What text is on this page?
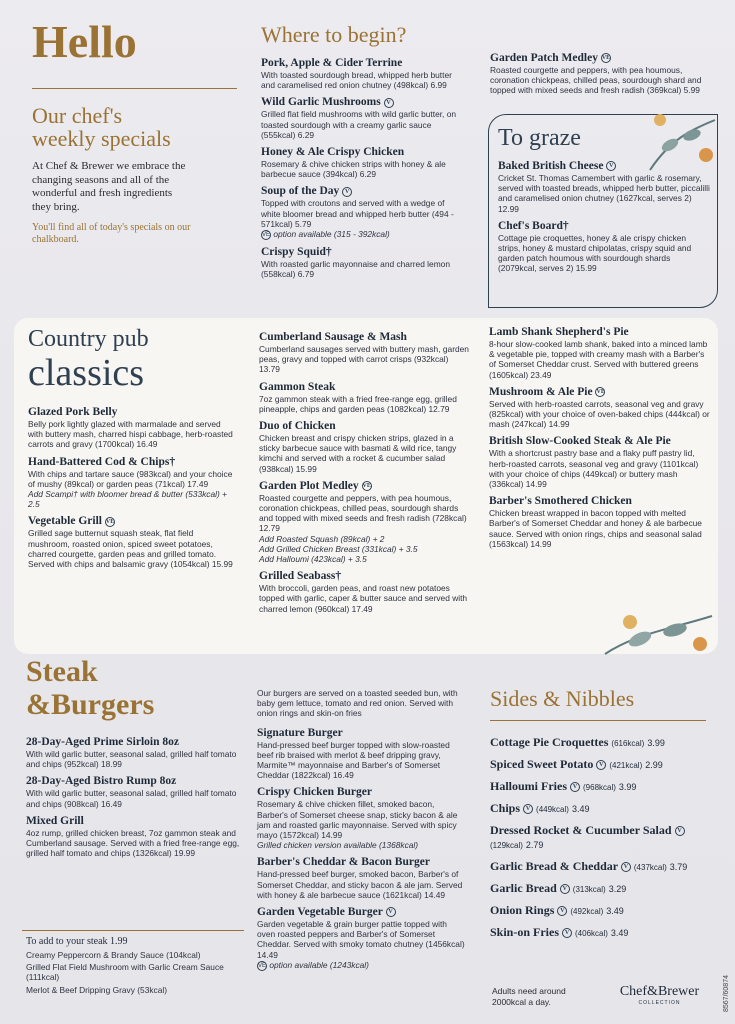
Hello
Our chef's
weekly specials

At Chef & Brewer we embrace the changing seasons and all of the wonderful and fresh ingredients they bring.

You'll find all of today's specials on our chalkboard.

Where to begin?

Pork, Apple & Cider Terrine

With toasted sourdough bread, whipped herb butter and caramelised red onion chutney (498kcal) 6.99

Wild Garlic Mushrooms V

Grilled flat field mushrooms with wild garlic butter, on toasted sourdough with a creamy garlic sauce (555kcal) 6.29

Honey & Ale Crispy Chicken

Rosemary & chive chicken strips with honey & ale barbecue sauce (394kcal) 6.29

Soup of the Day V

Topped with croutons and served with a wedge of white bloomer bread and whipped herb butter (494 - 571kcal) 5.79

VE option available (315 - 392kcal)

Crispy Squid†

With roasted garlic mayonnaise and charred lemon (558kcal) 6.79

Garden Patch Medley VE

Roasted courgette and peppers, with pea houmous, coronation chickpeas, chilled peas, sourdough shard and topped with mixed seeds and fresh radish (369kcal) 5.99

To graze

Baked British Cheese V

Cricket St. Thomas Camembert with garlic & rosemary, served with toasted breads, whipped herb butter, piccalilli and caramelised onion chutney (1627kcal, serves 2) 12.99

Chef's Board†

Cottage pie croquettes, honey & ale crispy chicken strips, honey & mustard chipolatas, crispy squid and garden patch houmous with sourdough shards (2079kcal, serves 2) 15.99

Country pub
classics

Glazed Pork Belly

Belly pork lightly glazed with marmalade and served with buttery mash, charred hispi cabbage, herb-roasted carrots and gravy (1700kcal) 16.49

Hand-Battered Cod & Chips†

With chips and tartare sauce (983kcal) and your choice of mushy (89kcal) or garden peas (71kcal) 17.49

Add Scampi† with bloomer bread & butter (533kcal) + 2.5

Vegetable Grill VE

Grilled sage butternut squash steak, flat field mushroom, roasted onion, spiced sweet potatoes, charred courgette, garden peas and grilled tomato. Served with chips and balsamic gravy (1054kcal) 15.99

Cumberland Sausage & Mash

Cumberland sausages served with buttery mash, garden peas, gravy and topped with carrot crisps (932kcal) 13.79

Gammon Steak

7oz gammon steak with a fried free-range egg, grilled pineapple, chips and garden peas (1082kcal) 12.79

Duo of Chicken

Chicken breast and crispy chicken strips, glazed in a sticky barbecue sauce with basmati & wild rice, tangy kimchi and served with a rocket & cucumber salad (938kcal) 15.99

Garden Plot Medley VE

Roasted courgette and peppers, with pea houmous, coronation chickpeas, chilled peas, sourdough shards and topped with mixed seeds and fresh radish (728kcal) 12.79

Add Roasted Squash (89kcal) + 2

Add Grilled Chicken Breast (331kcal) + 3.5

Add Halloumi (423kcal) + 3.5

Grilled Seabass†

With broccoli, garden peas, and roast new potatoes topped with garlic, caper & butter sauce and served with charred lemon (960kcal) 17.49

Lamb Shank Shepherd's Pie

8-hour slow-cooked lamb shank, baked into a minced lamb & vegetable pie, topped with creamy mash with a Barber's of Somerset Cheddar crust. Served with buttered greens (1605kcal) 23.49

Mushroom & Ale Pie VE

Served with herb-roasted carrots, seasonal veg and gravy (825kcal) with your choice of oven-baked chips (444kcal) or mash (247kcal) 14.99

British Slow-Cooked Steak & Ale Pie

With a shortcrust pastry base and a flaky puff pastry lid, herb-roasted carrots, seasonal veg and gravy (1101kcal) with your choice of chips (449kcal) or buttery mash (336kcal) 14.99

Barber's Smothered Chicken

Chicken breast wrapped in bacon topped with melted Barber's of Somerset Cheddar and honey & ale barbecue sauce. Served with onion rings, chips and seasonal salad (1563kcal) 14.99

Steak
&Burgers

28-Day-Aged Prime Sirloin 8oz

With wild garlic butter, seasonal salad, grilled half tomato and chips (952kcal) 18.99

28-Day-Aged Bistro Rump 8oz

With wild garlic butter, seasonal salad, grilled half tomato and chips (908kcal) 16.49

Mixed Grill

4oz rump, grilled chicken breast, 7oz gammon steak and Cumberland sausage. Served with a fried free-range egg, grilled half tomato and chips (1326kcal) 19.99

To add to your steak 1.99

Creamy Peppercorn & Brandy Sauce (104kcal)

Grilled Flat Field Mushroom with Garlic Cream Sauce (111kcal)

Merlot & Beef Dripping Gravy (53kcal)

Our burgers are served on a toasted seeded bun, with baby gem lettuce, tomato and red onion. Served with onion rings and skin-on fries

Signature Burger

Hand-pressed beef burger topped with slow-roasted beef rib braised with merlot & beef dripping gravy, Marmite™ mayonnaise and Barber's of Somerset Cheddar (1822kcal) 16.49

Crispy Chicken Burger

Rosemary & chive chicken fillet, smoked bacon, Barber's of Somerset cheese snap, sticky bacon & ale jam and roasted garlic mayonnaise. Served with spicy mayo (1572kcal) 14.99

Grilled chicken version available (1368kcal)

Barber's Cheddar & Bacon Burger

Hand-pressed beef burger, smoked bacon, Barber's of Somerset Cheddar, and sticky bacon & ale jam. Served with honey & ale barbecue sauce (1621kcal) 14.49

Garden Vegetable Burger V

Garden vegetable & grain burger pattie topped with oven roasted peppers and Barber's of Somerset Cheddar. Served with smoky tomato chutney (1456kcal) 14.49

VE option available (1243kcal)

Sides & Nibbles

Cottage Pie Croquettes (616kcal) 3.99

Spiced Sweet Potato V (421kcal) 2.99

Halloumi Fries V (968kcal) 3.99

Chips V (449kcal) 3.49

Dressed Rocket & Cucumber Salad V (129kcal) 2.79

Garlic Bread & Cheddar V (437kcal) 3.79

Garlic Bread V (313kcal) 3.29

Onion Rings V (492kcal) 3.49

Skin-on Fries V (406kcal) 3.49

Adults need around 2000kcal a day.

Chef&Brewer
COLLECTION	8567/60874
